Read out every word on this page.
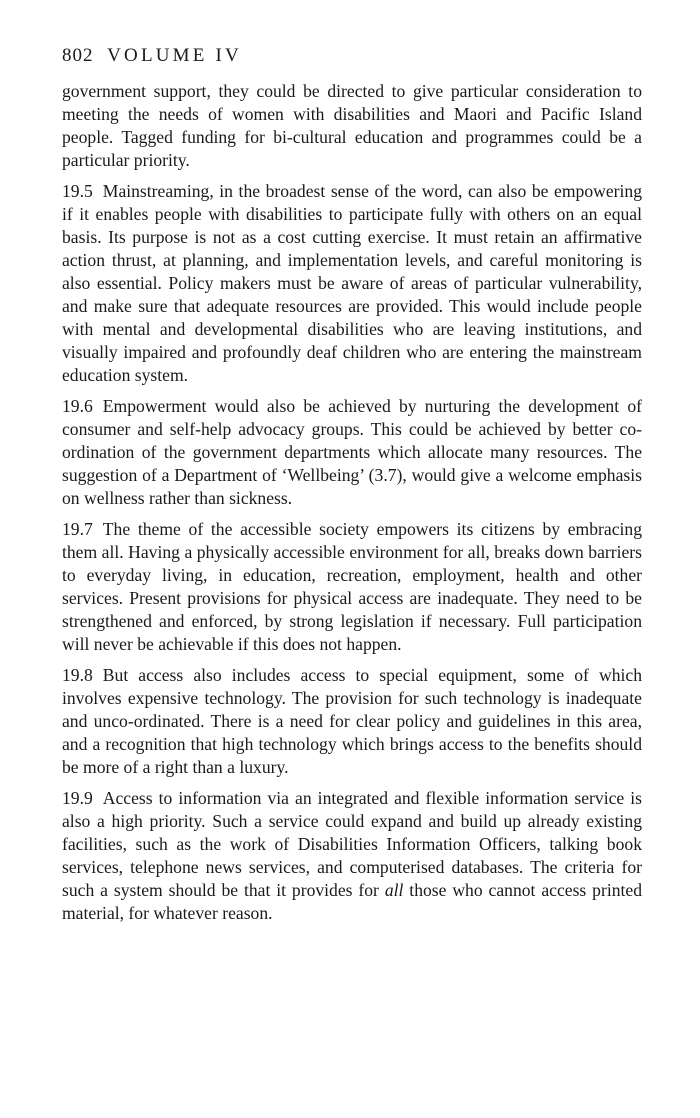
802 VOLUME IV

government support, they could be directed to give particular consideration to meeting the needs of women with disabilities and Maori and Pacific Island people. Tagged funding for bi-cultural education and programmes could be a particular priority.

19.5 Mainstreaming, in the broadest sense of the word, can also be empowering if it enables people with disabilities to participate fully with others on an equal basis. Its purpose is not as a cost cutting exercise. It must retain an affirmative action thrust, at planning, and implementation levels, and careful monitoring is also essential. Policy makers must be aware of areas of particular vulnerability, and make sure that adequate resources are provided. This would include people with mental and developmental disabilities who are leaving institutions, and visually impaired and profoundly deaf children who are entering the mainstream education system.

19.6 Empowerment would also be achieved by nurturing the development of consumer and self-help advocacy groups. This could be achieved by better co-ordination of the government departments which allocate many resources. The suggestion of a Department of ‘Wellbeing’ (3.7), would give a welcome emphasis on wellness rather than sickness.

19.7 The theme of the accessible society empowers its citizens by embracing them all. Having a physically accessible environment for all, breaks down barriers to everyday living, in education, recreation, employment, health and other services. Present provisions for physical access are inadequate. They need to be strengthened and enforced, by strong legislation if necessary. Full participation will never be achievable if this does not happen.

19.8 But access also includes access to special equipment, some of which involves expensive technology. The provision for such technology is inadequate and unco-ordinated. There is a need for clear policy and guidelines in this area, and a recognition that high technology which brings access to the benefits should be more of a right than a luxury.

19.9 Access to information via an integrated and flexible information service is also a high priority. Such a service could expand and build up already existing facilities, such as the work of Disabilities Information Officers, talking book services, telephone news services, and computerised databases. The criteria for such a system should be that it provides for all those who cannot access printed material, for whatever reason.
